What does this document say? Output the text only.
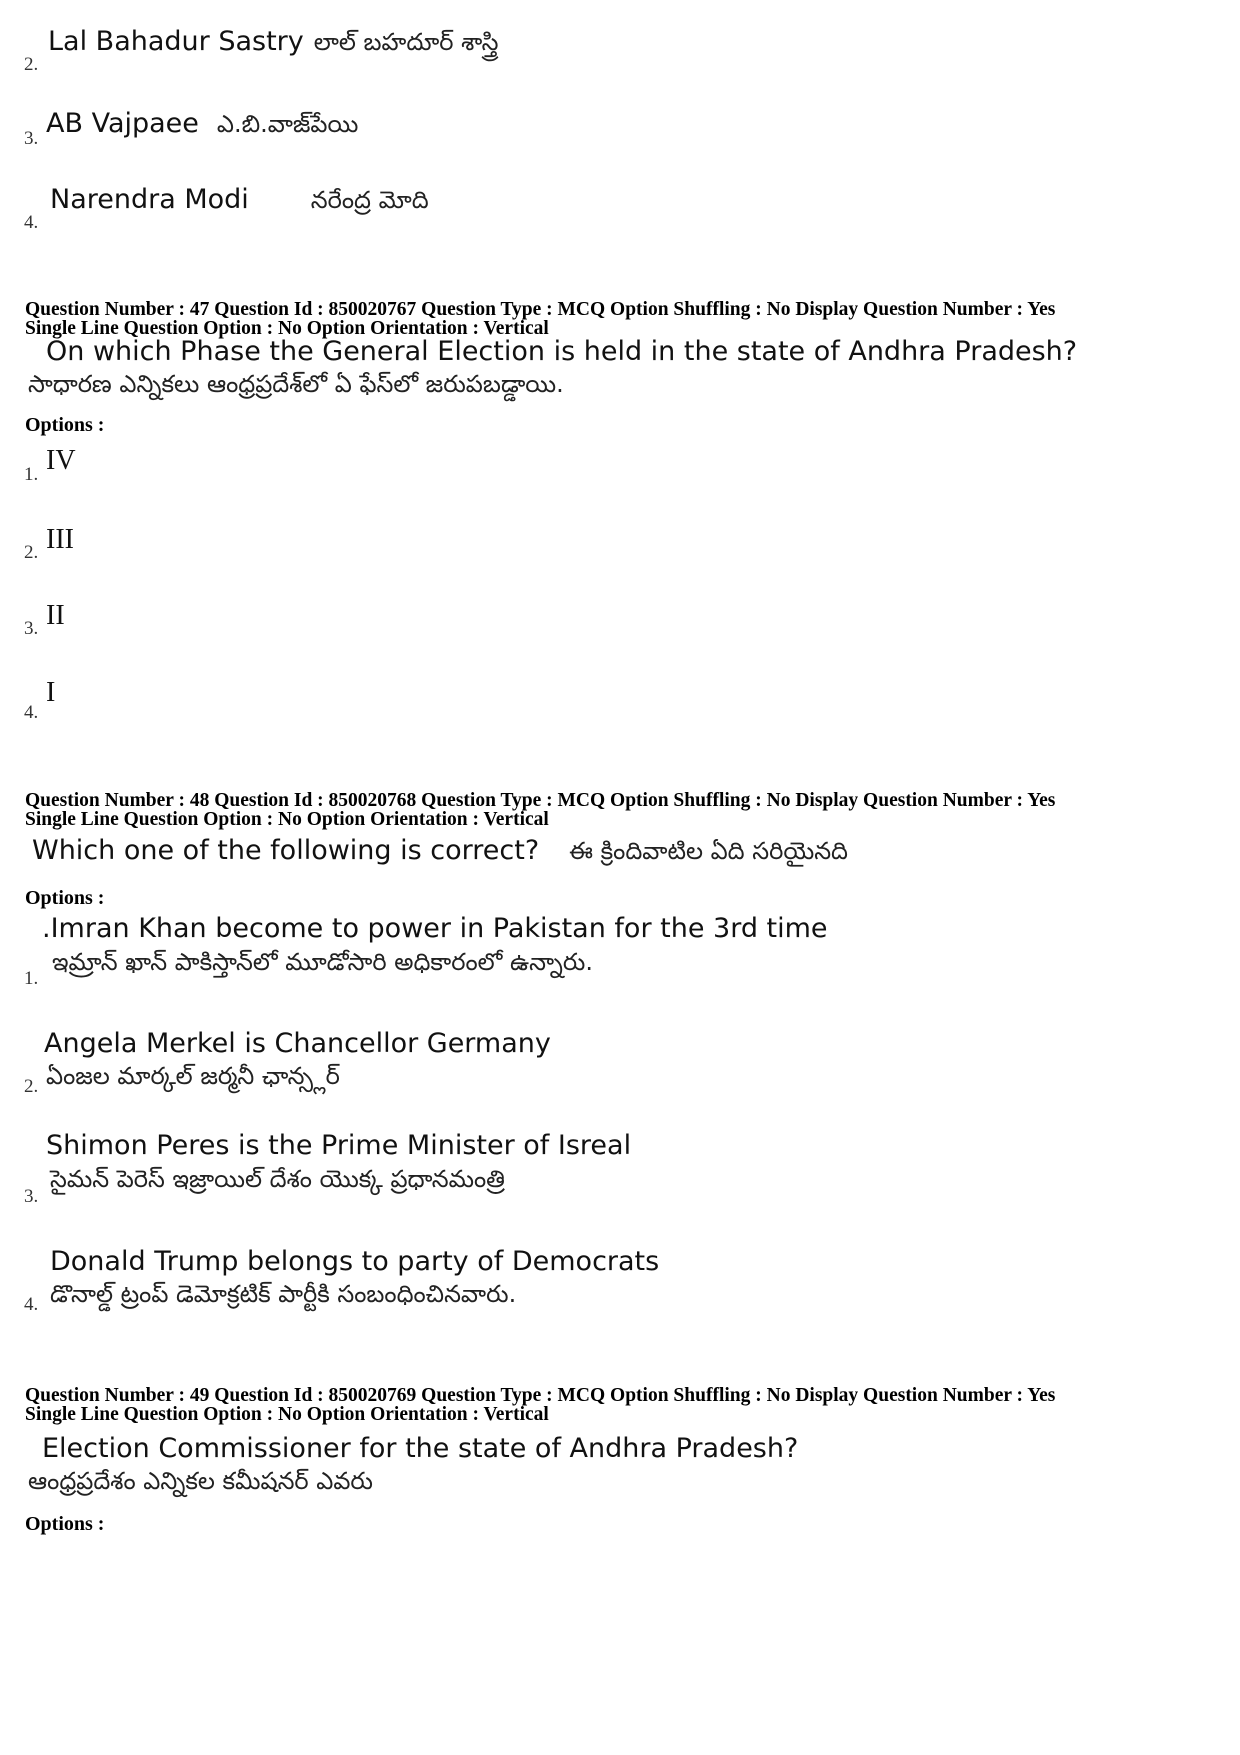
2.
Lal Bahadur Sastry లాల్ బహదూర్ శాస్త్రి
3. AB Vajpaee ఎ.బి.వాజ్‌పేయి
4.
Narendra Modi	నరేంద్ర మోది
Question Number : 47 Question Id : 850020767 Question Type : MCQ Option Shuffling : No Display Question Number : Yes
Single Line Question Option : No Option Orientation : Vertical
On which Phase the General Election is held in the state of Andhra Pradesh?
సాధారణ ఎన్నికలు ఆంధ్రప్రదేశ్‌లో ఏ ఫేస్‌లో జరుపబడ్డాయి.
Options :
1. IV
2. III
3. II
4.
I
Question Number : 48 Question Id : 850020768 Question Type : MCQ Option Shuffling : No Display Question Number : Yes
Single Line Question Option : No Option Orientation : Vertical
Which one of the following is correct? ఈ క్రిందివాటిల ఏది సరియైనది
Options :
1.
.Imran Khan become to power in Pakistan for the 3rd time
ఇమ్రాన్ ఖాన్ పాకిస్తాన్‌లో మూడోసారి అధికారంలో ఉన్నారు.
2.
Angela Merkel is Chancellor Germany
ఏంజల మార్కల్ జర్మనీ ఛాన్స్లర్
3.
Shimon Peres is the Prime Minister of Isreal
సైమన్ పెరెస్ ఇజ్రాయిల్ దేశం యొక్క ప్రధానమంత్రి
4.
Donald Trump belongs to party of Democrats
డొనాల్డ్ ట్రంప్ డెమోక్రటిక్ పార్టీకి సంబంధించినవారు.
Question Number : 49 Question Id : 850020769 Question Type : MCQ Option Shuffling : No Display Question Number : Yes
Single Line Question Option : No Option Orientation : Vertical
Election Commissioner for the state of Andhra Pradesh?
ఆంధ్రప్రదేశం ఎన్నికల కమీషనర్ ఎవరు
Options :
